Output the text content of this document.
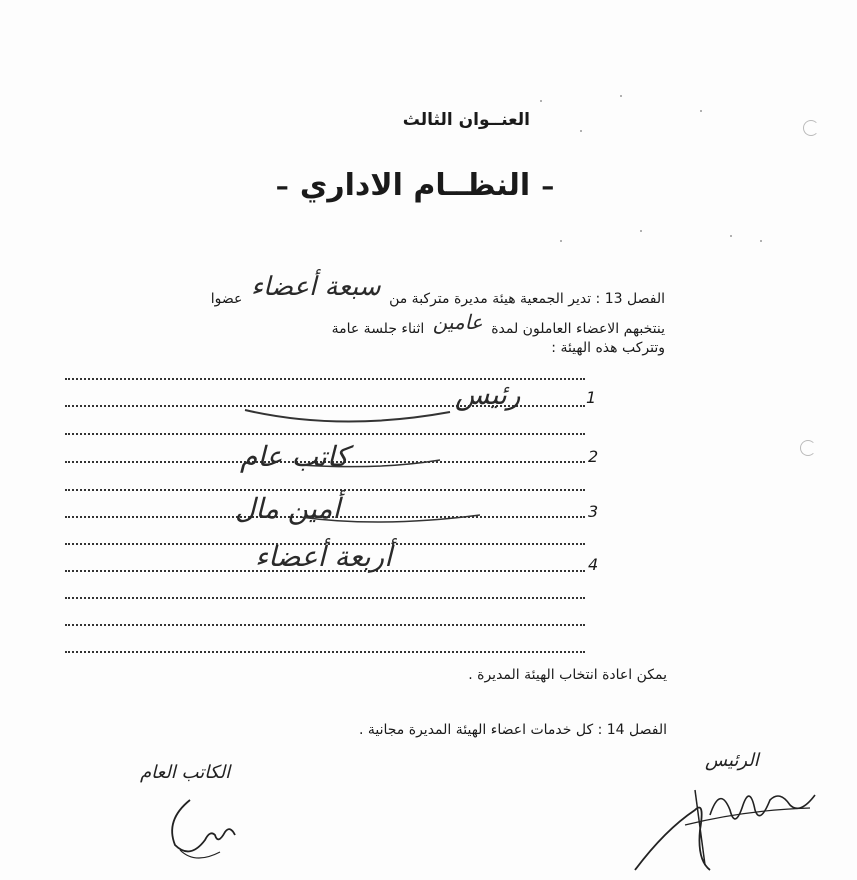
العنــوان الثالث
– النظــام الاداري –
الفصل 13 : تدير الجمعية هيئة مديرة متركبة من سبعة أعضاء عضوا
ينتخبهم الاعضاء العاملون لمدة عامين اثناء جلسة عامة
وتتركب هذه الهيئة :
1
رئيس
2
كاتب عام
3
أمين مال
4
أربعة أعضاء
يمكن اعادة انتخاب الهيئة المديرة .
الفصل 14 : كل خدمات اعضاء الهيئة المديرة مجانية .
الكاتب العام
الرئيس
